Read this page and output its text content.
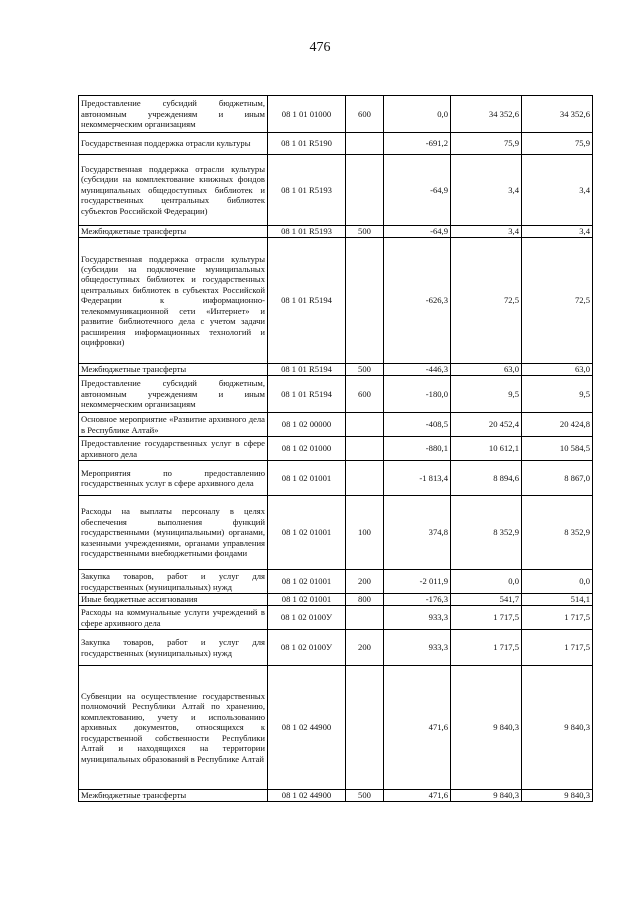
476
Предоставление субсидий бюджетным, автономным учреждениям и иным некоммерческим организациям	08 1 01 01000	600	0,0	34 352,6	34 352,6
Государственная поддержка отрасли культуры	08 1 01 R5190		-691,2	75,9	75,9
Государственная поддержка отрасли культуры (субсидии на комплектование книжных фондов муниципальных общедоступных библиотек и государственных центральных библиотек субъектов Российской Федерации)	08 1 01 R5193		-64,9	3,4	3,4
Межбюджетные трансферты	08 1 01 R5193	500	-64,9	3,4	3,4
Государственная поддержка отрасли культуры (субсидии на подключение муниципальных общедоступных библиотек и государственных центральных библиотек в субъектах Российской Федерации к информационно-телекоммуникационной сети «Интернет» и развитие библиотечного дела с учетом задачи расширения информационных технологий и оцифровки)	08 1 01 R5194		-626,3	72,5	72,5
Межбюджетные трансферты	08 1 01 R5194	500	-446,3	63,0	63,0
Предоставление субсидий бюджетным, автономным учреждениям и иным некоммерческим организациям	08 1 01 R5194	600	-180,0	9,5	9,5
Основное мероприятие «Развитие архивного дела в Республике Алтай»	08 1 02 00000		-408,5	20 452,4	20 424,8
Предоставление государственных услуг в сфере архивного дела	08 1 02 01000		-880,1	10 612,1	10 584,5
Мероприятия по предоставлению государственных услуг в сфере архивного дела	08 1 02 01001		-1 813,4	8 894,6	8 867,0
Расходы на выплаты персоналу в целях обеспечения выполнения функций государственными (муниципальными) органами, казенными учреждениями, органами управления государственными внебюджетными фондами	08 1 02 01001	100	374,8	8 352,9	8 352,9
Закупка товаров, работ и услуг для государственных (муниципальных) нужд	08 1 02 01001	200	-2 011,9	0,0	0,0
Иные бюджетные ассигнования	08 1 02 01001	800	-176,3	541,7	514,1
Расходы на коммунальные услуги учреждений в сфере архивного дела	08 1 02 0100У		933,3	1 717,5	1 717,5
Закупка товаров, работ и услуг для государственных (муниципальных) нужд	08 1 02 0100У	200	933,3	1 717,5	1 717,5
Субвенции на осуществление государственных полномочий Республики Алтай по хранению, комплектованию, учету и использованию архивных документов, относящихся к государственной собственности Республики Алтай и находящихся на территории муниципальных образований в Республике Алтай	08 1 02 44900		471,6	9 840,3	9 840,3
Межбюджетные трансферты	08 1 02 44900	500	471,6	9 840,3	9 840,3
